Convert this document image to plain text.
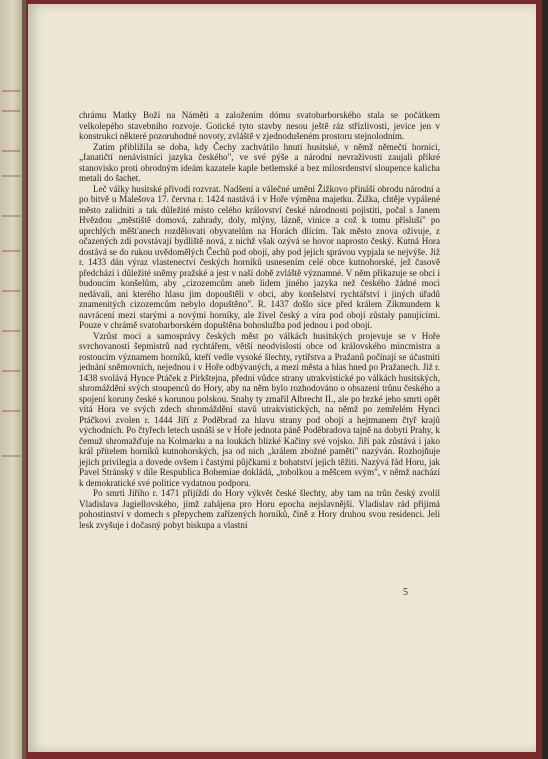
chrámu Matky Boží na Náměti a založením dómu svatobarborského stala se počátkem velkolepého stavebního rozvoje. Gotické tyto stavby nesou ještě ráz střízlivosti, jevíce jen v konstrukci některé pozoruhodné novoty, zvláště v zjednodušeném prostoru stejnolodním.

Zatím přiblížila se doba, kdy Čechy zachvátilo hnutí husitské, v němž němečtí horníci, „fanatičtí nenávistníci jazyka českého", ve své pýše a národní nevraživosti zaujali příkré stanovisko proti obrodným ideám kazatele kaple betlemské a bez milosrdenství sloupence kalicha metali do šachet.

Leč války husitské přivodí rozvrat. Nadšení a válečné umění Žižkovo přináší obrodu národní a po bitvě u Malešova 17. června r. 1424 nastává i v Hoře výměna majetku. Žižka, chtěje vypálené město zalidniti a tak důležité místo celého království české národnosti pojistiti, počal s Janem Hvězdou „městiště domová, zahrady, doly, mlýny, lázně, vinice a což k tomu přísluší" po uprchlých měšťanech rozdělovati obyvatelům na Horách dlícím. Tak město znova oživuje, z očazených zdí povstávají bydliště nová, z nichž však ozývá se hovor naprosto český. Kutná Hora dostává se do rukou uvědomělých Čechů pod obojí, aby pod jejich správou vypjala se nejvýše. Již r. 1433 dán výraz vlastenectví českých horníků usnesením celé obce kutnohorské, jež časově předchází i důležité sněmy pražské a jest v naší době zvláště významné. V něm přikazuje se obci i budoucím konšelům, aby „cizozemcům aneb lidem jiného jazyka než českého žádné moci nedávali, ani kterého hlasu jim dopouštěli v obci, aby konšelství rychtářství i jiných úřadů znamenitých cizozemcům nebylo dopuštěno". R. 1437 došlo sice před králem Zikmundem k navrácení mezi starými a novými horníky, ale živel český a víra pod obojí zůstaly panujícími. Pouze v chrámě svatobarborském dopuštěna bohoslužba pod jednou i pod obojí.

Vzrůst moci a samosprávy českých měst po válkách husitských projevuje se v Hoře svrchovaností šepmistrů nad rychtářem, větší neodvislostí obce od královského mincmistra a rostoucím významem horníků, kteří vedle vysoké šlechty, rytířstva a Pražanů počínají se účastniti jednání sněmovních, nejednou i v Hoře odbývaných, a mezi města a hlas hned po Pražanech. Již r. 1438 svolává Hynce Ptáček z Pirkštejna, přední vůdce strany utrakvistické po válkách husitských, shromáždění svých stoupenců do Hory, aby na něm bylo rozhodováno o obsazení trůnu českého a spojení koruny české s korunou polskou. Snahy ty zmařil Albrecht II., ale po brzké jeho smrti opět vítá Hora ve svých zdech shromáždění stavů utrakvistických, na němž po zemřelém Hynci Ptáčkovi zvolen r. 1444 Jiří z Poděbrad za hlavu strany pod obojí a hejtmanem čtyř krajů východních. Po čtyřech letech usnáší se v Hoře jednota páně Poděbradova tajně na dobytí Prahy, k čemuž shromažďuje na Kolmarku a na loukách blízké Kačiny své vojsko. Jiří pak zůstává i jako král přítelem horníků kutnohorských, jsa od nich „králem zbožné paměti" nazýván. Rozhojňuje jejich privilegia a dovede ovšem i častými půjčkami z bohatství jejich těžiti. Nazývá řád Horu, jak Pavel Stránský v díle Respublica Bohemiae dokládá, „tobolkou a měšcem svým", v němž nachází k demokratické své politice vydatnou podporu.

Po smrti Jiřího r. 1471 přijíždí do Hory výkvět české šlechty, aby tam na trůn český zvolil Vladislava Jagiellovského, jímž zahájena pro Horu epocha nejslavnější. Vladislav rád přijímá pohostinství v domech s přepychem zařízených horníků, čině z Hory druhou svou residenci. Jeli lesk zvyšuje i dočasný pobyt biskupa a vlastní

5
